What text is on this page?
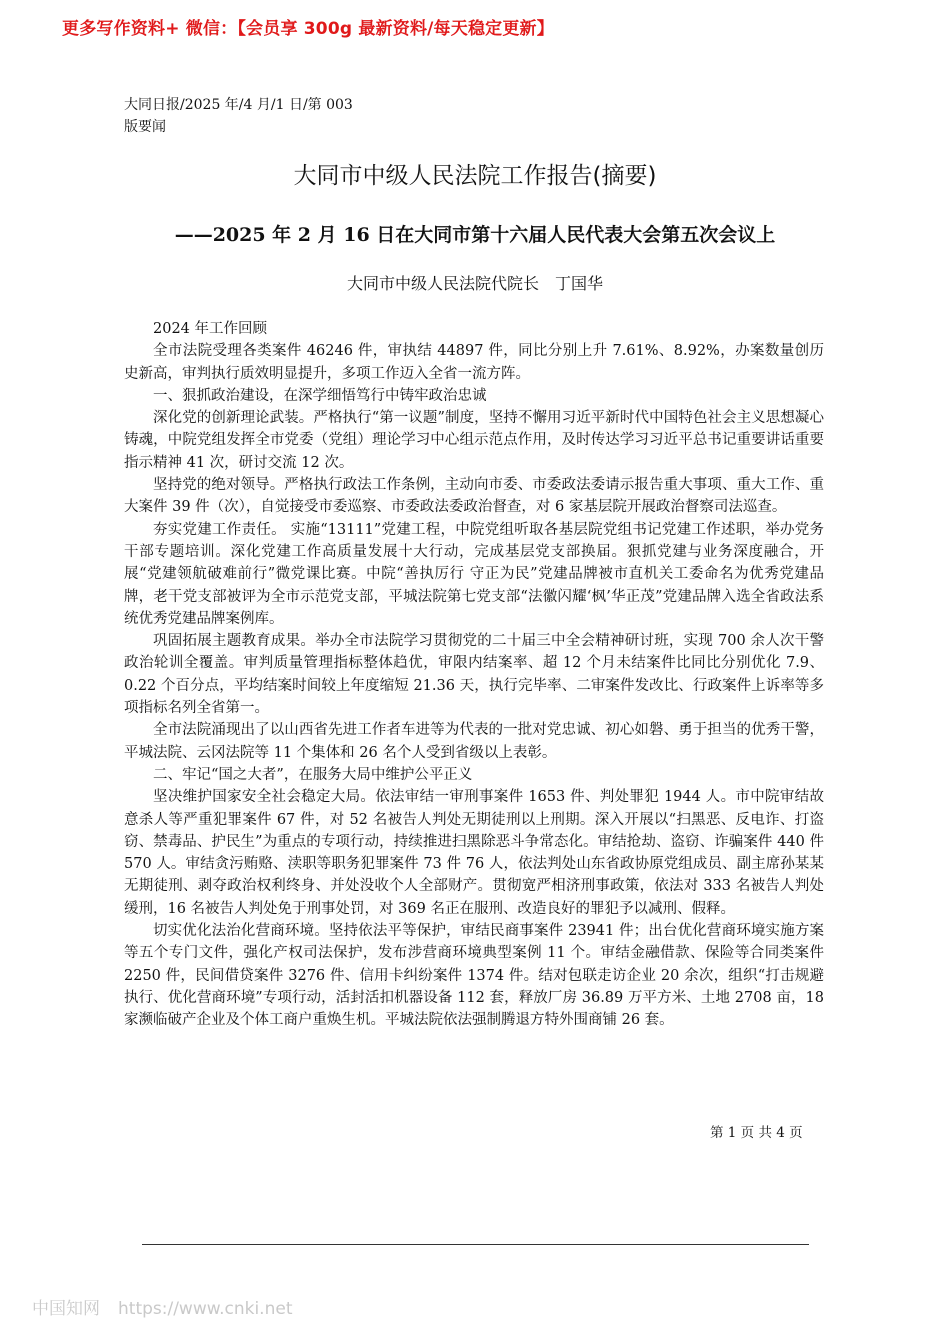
更多写作资料+ 微信：【会员享 300g 最新资料/每天稳定更新】
大同日报/2025 年/4 月/1 日/第 003
版要闻
大同市中级人民法院工作报告(摘要)
——2025 年 2 月 16 日在大同市第十六届人民代表大会第五次会议上
大同市中级人民法院代院长　丁国华

2024 年工作回顾

全市法院受理各类案件 46246 件，审执结 44897 件，同比分别上升 7.61%、8.92%，办案数量创历史新高，审判执行质效明显提升，多项工作迈入全省一流方阵。

一、狠抓政治建设，在深学细悟笃行中铸牢政治忠诚

深化党的创新理论武装。严格执行“第一议题”制度，坚持不懈用习近平新时代中国特色社会主义思想凝心铸魂，中院党组发挥全市党委（党组）理论学习中心组示范点作用，及时传达学习习近平总书记重要讲话重要指示精神 41 次，研讨交流 12 次。

坚持党的绝对领导。严格执行政法工作条例，主动向市委、市委政法委请示报告重大事项、重大工作、重大案件 39 件（次），自觉接受市委巡察、市委政法委政治督查，对 6 家基层院开展政治督察司法巡查。

夯实党建工作责任。 实施“13111”党建工程，中院党组听取各基层院党组书记党建工作述职，举办党务干部专题培训。深化党建工作高质量发展十大行动，完成基层党支部换届。狠抓党建与业务深度融合，开展“党建领航破难前行”微党课比赛。中院“善执厉行 守正为民”党建品牌被市直机关工委命名为优秀党建品牌，老干党支部被评为全市示范党支部，平城法院第七党支部“法徽闪耀‘枫’华正茂”党建品牌入选全省政法系统优秀党建品牌案例库。

巩固拓展主题教育成果。举办全市法院学习贯彻党的二十届三中全会精神研讨班，实现 700 余人次干警政治轮训全覆盖。审判质量管理指标整体趋优，审限内结案率、超 12 个月未结案件比同比分别优化 7.9、0.22 个百分点，平均结案时间较上年度缩短 21.36 天，执行完毕率、二审案件发改比、行政案件上诉率等多项指标名列全省第一。

全市法院涌现出了以山西省先进工作者车进等为代表的一批对党忠诚、初心如磐、勇于担当的优秀干警，平城法院、云冈法院等 11 个集体和 26 名个人受到省级以上表彰。

二、牢记“国之大者”，在服务大局中维护公平正义

坚决维护国家安全社会稳定大局。依法审结一审刑事案件 1653 件、判处罪犯 1944 人。市中院审结故意杀人等严重犯罪案件 67 件，对 52 名被告人判处无期徒刑以上刑期。深入开展以“扫黑恶、反电诈、打盗窃、禁毒品、护民生”为重点的专项行动，持续推进扫黑除恶斗争常态化。审结抢劫、盗窃、诈骗案件 440 件 570 人。审结贪污贿赂、渎职等职务犯罪案件 73 件 76 人，依法判处山东省政协原党组成员、副主席孙某某无期徒刑、剥夺政治权利终身、并处没收个人全部财产。贯彻宽严相济刑事政策，依法对 333 名被告人判处缓刑，16 名被告人判处免于刑事处罚，对 369 名正在服刑、改造良好的罪犯予以减刑、假释。

切实优化法治化营商环境。坚持依法平等保护，审结民商事案件 23941 件；出台优化营商环境实施方案等五个专门文件，强化产权司法保护，发布涉营商环境典型案例 11 个。审结金融借款、保险等合同类案件 2250 件，民间借贷案件 3276 件、信用卡纠纷案件 1374 件。结对包联走访企业 20 余次，组织“打击规避执行、优化营商环境”专项行动，活封活扣机器设备 112 套，释放厂房 36.89 万平方米、土地 2708 亩，18 家濒临破产企业及个体工商户重焕生机。平城法院依法强制腾退方特外围商铺 26 套。

第 1 页 共 4 页
中国知网 https://www.cnki.net
